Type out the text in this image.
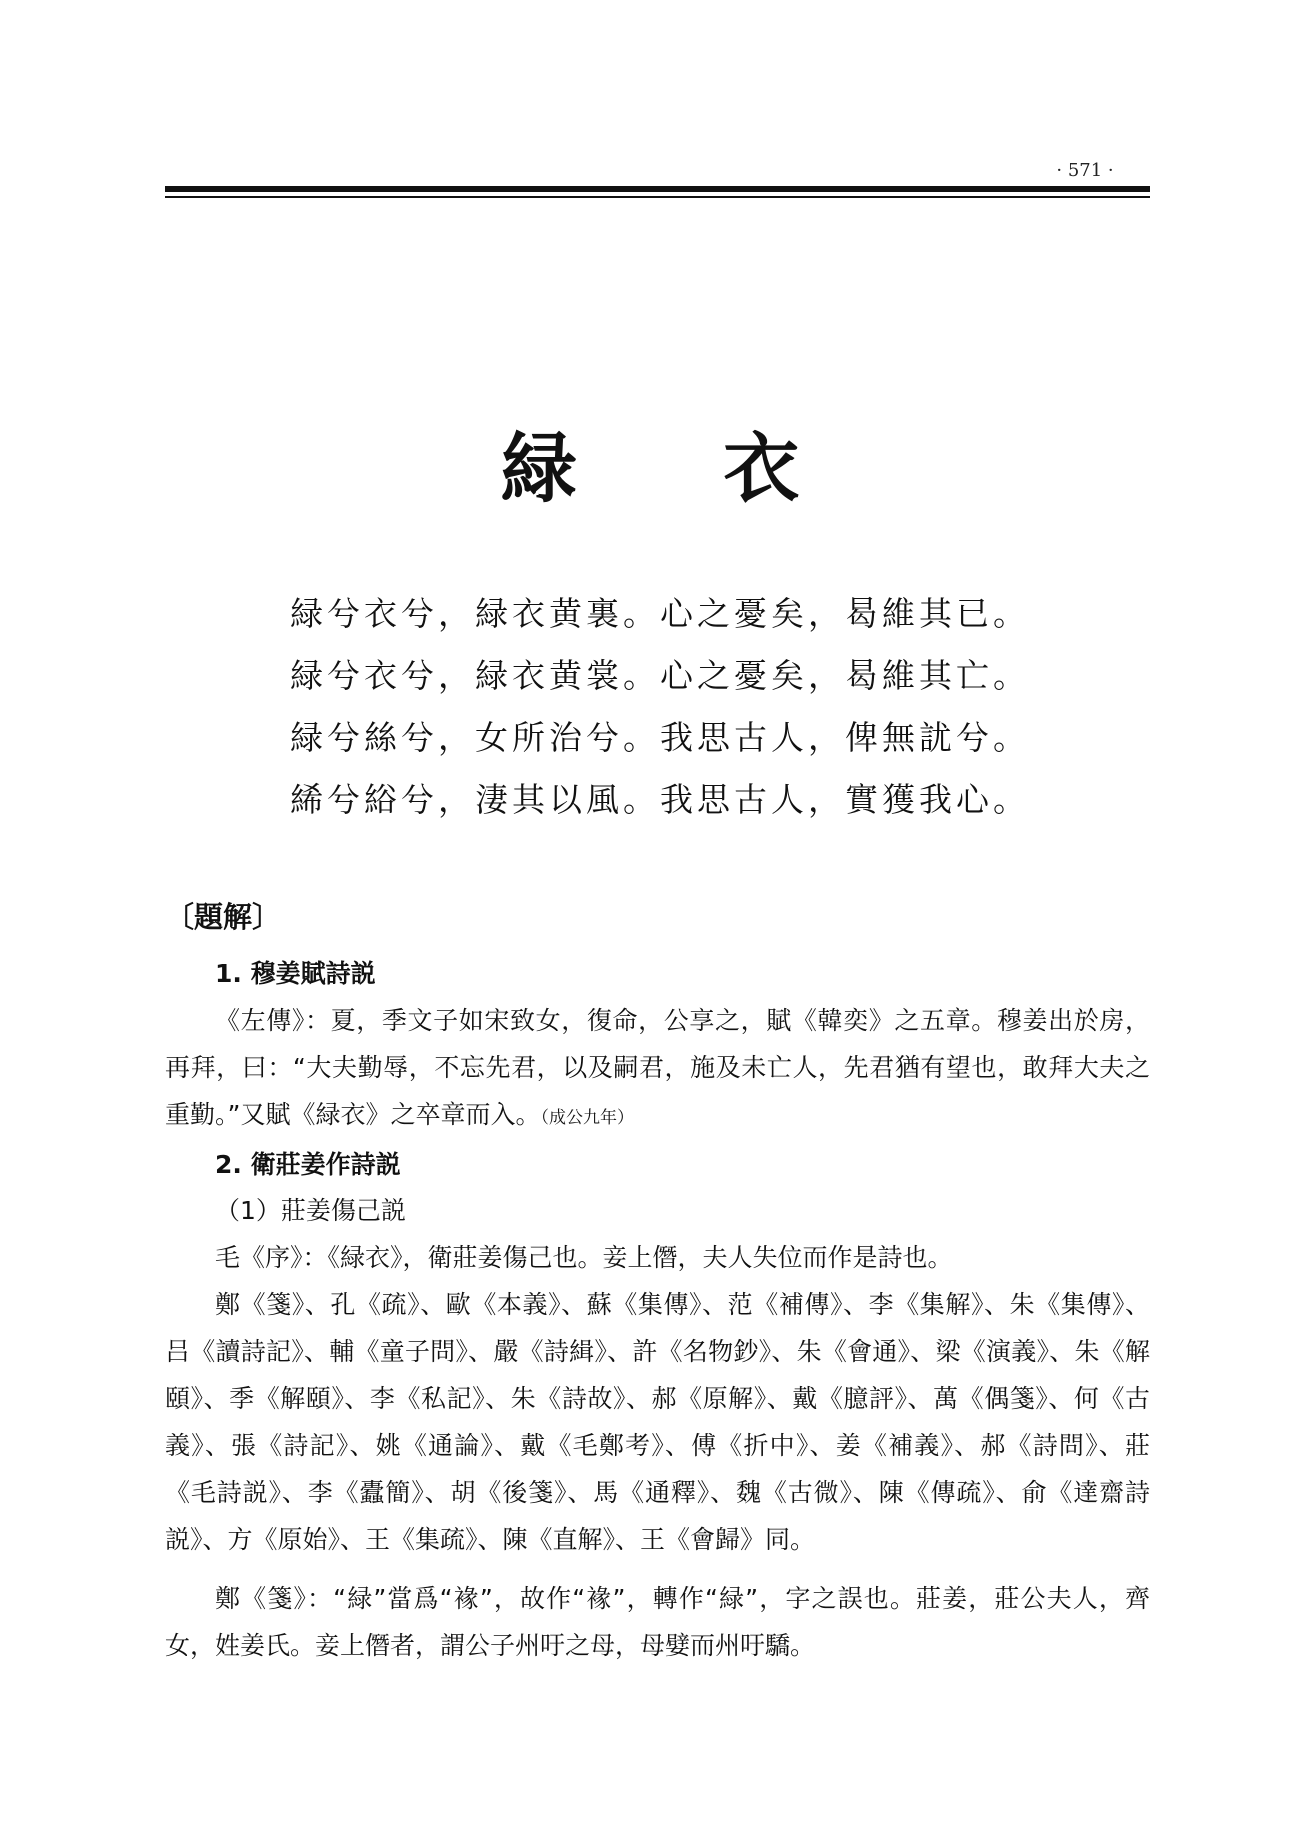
· 571 ·
緑 衣
緑兮衣兮，緑衣黄裏。心之憂矣，曷維其已。
緑兮衣兮，緑衣黄裳。心之憂矣，曷維其亡。
緑兮絲兮，女所治兮。我思古人，俾無訧兮。
絺兮綌兮，淒其以風。我思古人，實獲我心。
〔題解〕

1. 穆姜賦詩説

《左傳》：夏，季文子如宋致女，復命，公享之，賦《韓奕》之五章。穆姜出於房，再拜，曰：“大夫勤辱，不忘先君，以及嗣君，施及未亡人，先君猶有望也，敢拜大夫之重勤。”又賦《緑衣》之卒章而入。（成公九年）

2. 衛莊姜作詩説

（1）莊姜傷己説

毛《序》：《緑衣》，衛莊姜傷己也。妾上僭，夫人失位而作是詩也。

鄭《箋》、孔《疏》、歐《本義》、蘇《集傳》、范《補傳》、李《集解》、朱《集傳》、吕《讀詩記》、輔《童子問》、嚴《詩緝》、許《名物鈔》、朱《會通》、梁《演義》、朱《解頤》、季《解頤》、李《私記》、朱《詩故》、郝《原解》、戴《臆評》、萬《偶箋》、何《古義》、張《詩記》、姚《通論》、戴《毛鄭考》、傅《折中》、姜《補義》、郝《詩問》、莊《毛詩説》、李《蠹簡》、胡《後箋》、馬《通釋》、魏《古微》、陳《傳疏》、俞《達齋詩説》、方《原始》、王《集疏》、陳《直解》、王《會歸》同。

鄭《箋》：“緑”當爲“褖”，故作“褖”，轉作“緑”，字之誤也。莊姜，莊公夫人，齊女，姓姜氏。妾上僭者，謂公子州吁之母，母嬖而州吁驕。
